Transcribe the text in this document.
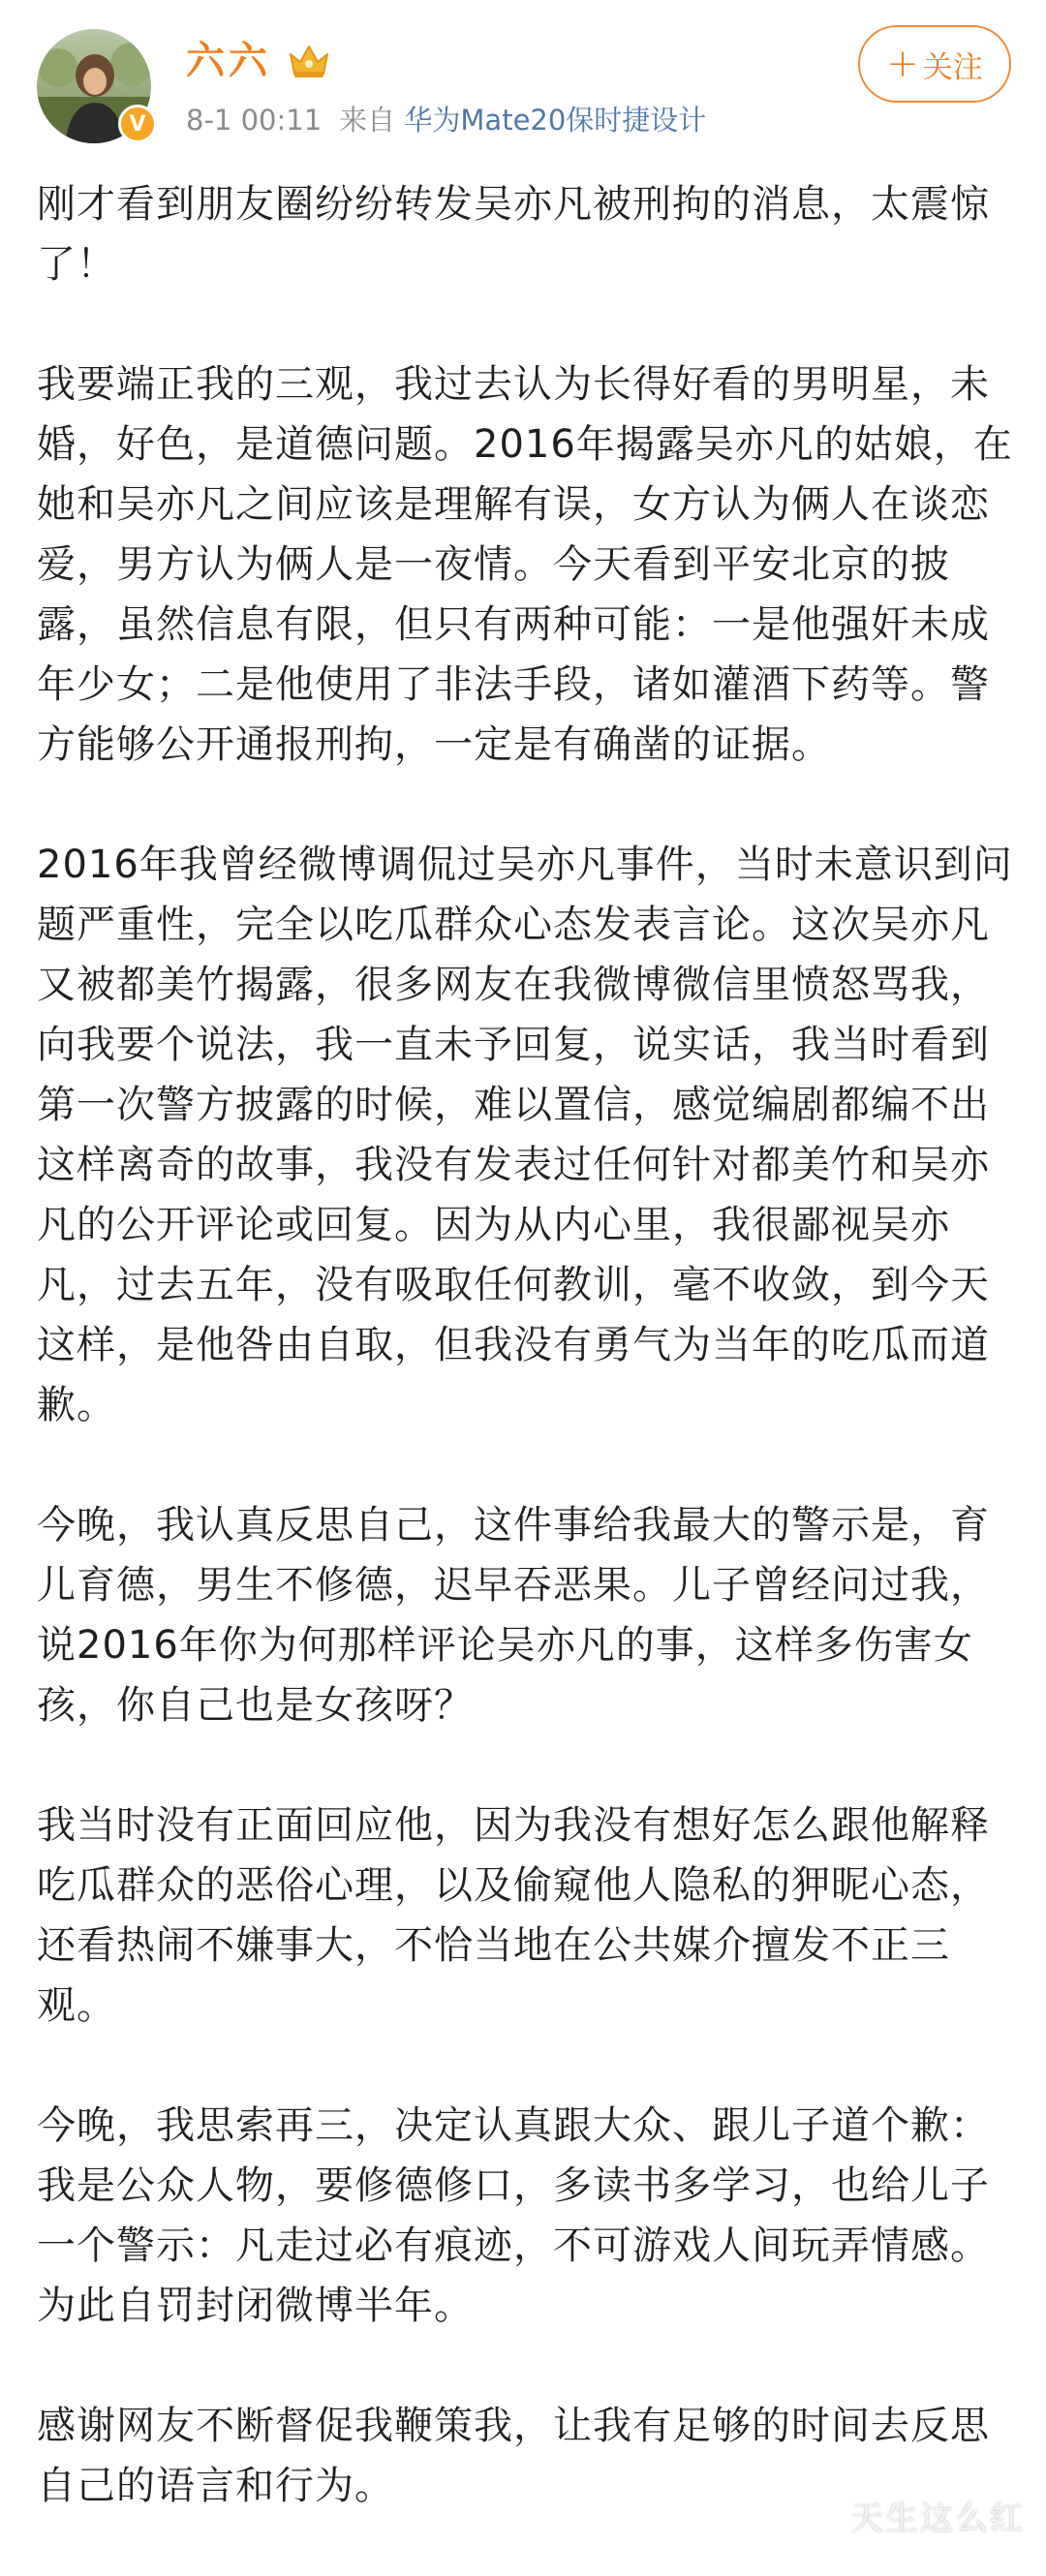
V
六六
8-1 00:11 来自 华为Mate20保时捷设计
+ 关注

刚才看到朋友圈纷纷转发吴亦凡被刑拘的消息，太震惊了！

我要端正我的三观，我过去认为长得好看的男明星，未婚，好色，是道德问题。2016年揭露吴亦凡的姑娘，在她和吴亦凡之间应该是理解有误，女方认为俩人在谈恋爱，男方认为俩人是一夜情。今天看到平安北京的披露，虽然信息有限，但只有两种可能：一是他强奸未成年少女；二是他使用了非法手段，诸如灌酒下药等。警方能够公开通报刑拘，一定是有确凿的证据。

2016年我曾经微博调侃过吴亦凡事件，当时未意识到问题严重性，完全以吃瓜群众心态发表言论。这次吴亦凡又被都美竹揭露，很多网友在我微博微信里愤怒骂我，向我要个说法，我一直未予回复，说实话，我当时看到第一次警方披露的时候，难以置信，感觉编剧都编不出这样离奇的故事，我没有发表过任何针对都美竹和吴亦凡的公开评论或回复。因为从内心里，我很鄙视吴亦凡，过去五年，没有吸取任何教训，毫不收敛，到今天这样，是他咎由自取，但我没有勇气为当年的吃瓜而道歉。

今晚，我认真反思自己，这件事给我最大的警示是，育儿育德，男生不修德，迟早吞恶果。儿子曾经问过我，说2016年你为何那样评论吴亦凡的事，这样多伤害女孩，你自己也是女孩呀？

我当时没有正面回应他，因为我没有想好怎么跟他解释吃瓜群众的恶俗心理，以及偷窥他人隐私的狎昵心态，还看热闹不嫌事大，不恰当地在公共媒介擅发不正三观。

今晚，我思索再三，决定认真跟大众、跟儿子道个歉：我是公众人物，要修德修口，多读书多学习，也给儿子一个警示：凡走过必有痕迹，不可游戏人间玩弄情感。为此自罚封闭微博半年。

感谢网友不断督促我鞭策我，让我有足够的时间去反思自己的语言和行为。

天生这么红
